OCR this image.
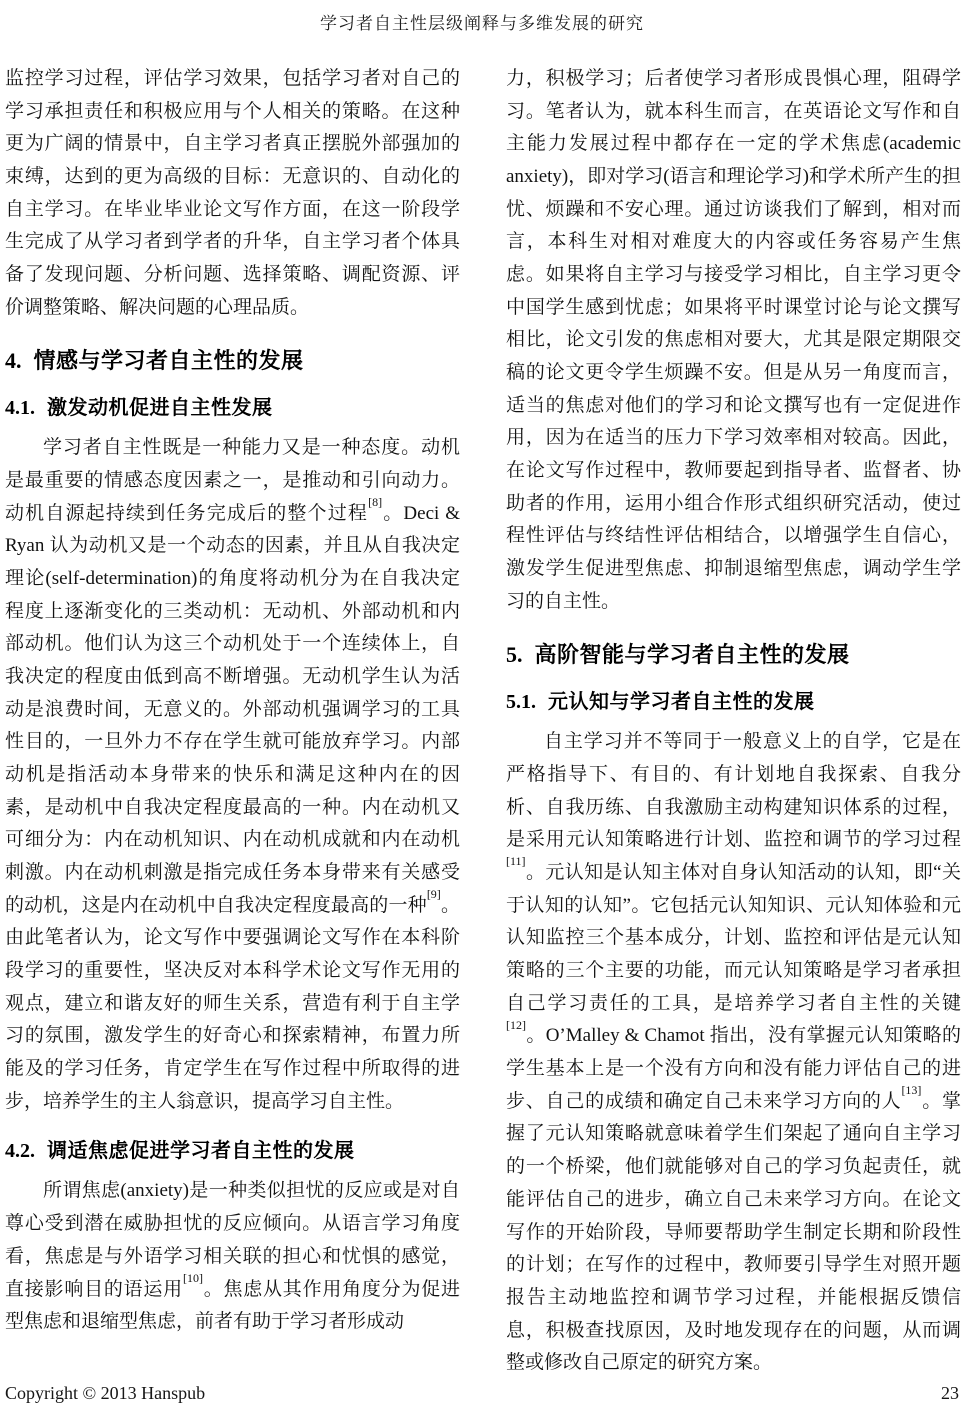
学习者自主性层级阐释与多维发展的研究

监控学习过程，评估学习效果，包括学习者对自己的学习承担责任和积极应用与个人相关的策略。在这种更为广阔的情景中，自主学习者真正摆脱外部强加的束缚，达到的更为高级的目标：无意识的、自动化的自主学习。在毕业毕业论文写作方面，在这一阶段学生完成了从学习者到学者的升华，自主学习者个体具备了发现问题、分析问题、选择策略、调配资源、评价调整策略、解决问题的心理品质。

4. 情感与学习者自主性的发展
4.1. 激发动机促进自主性发展

学习者自主性既是一种能力又是一种态度。动机是最重要的情感态度因素之一，是推动和引向动力。动机自源起持续到任务完成后的整个过程[8]。Deci & Ryan 认为动机又是一个动态的因素，并且从自我决定理论(self-determination)的角度将动机分为在自我决定程度上逐渐变化的三类动机：无动机、外部动机和内部动机。他们认为这三个动机处于一个连续体上，自我决定的程度由低到高不断增强。无动机学生认为活动是浪费时间，无意义的。外部动机强调学习的工具性目的，一旦外力不存在学生就可能放弃学习。内部动机是指活动本身带来的快乐和满足这种内在的因素，是动机中自我决定程度最高的一种。内在动机又可细分为：内在动机知识、内在动机成就和内在动机刺激。内在动机刺激是指完成任务本身带来有关感受的动机，这是内在动机中自我决定程度最高的一种[9]。由此笔者认为，论文写作中要强调论文写作在本科阶段学习的重要性，坚决反对本科学术论文写作无用的观点，建立和谐友好的师生关系，营造有利于自主学习的氛围，激发学生的好奇心和探索精神，布置力所能及的学习任务，肯定学生在写作过程中所取得的进步，培养学生的主人翁意识，提高学习自主性。

4.2. 调适焦虑促进学习者自主性的发展

所谓焦虑(anxiety)是一种类似担忧的反应或是对自尊心受到潜在威胁担忧的反应倾向。从语言学习角度看，焦虑是与外语学习相关联的担心和忧惧的感觉，直接影响目的语运用[10]。焦虑从其作用角度分为促进型焦虑和退缩型焦虑，前者有助于学习者形成动

力，积极学习；后者使学习者形成畏惧心理，阻碍学习。笔者认为，就本科生而言，在英语论文写作和自主能力发展过程中都存在一定的学术焦虑(academic anxiety)，即对学习(语言和理论学习)和学术所产生的担忧、烦躁和不安心理。通过访谈我们了解到，相对而言，本科生对相对难度大的内容或任务容易产生焦虑。如果将自主学习与接受学习相比，自主学习更令中国学生感到忧虑；如果将平时课堂讨论与论文撰写相比，论文引发的焦虑相对要大，尤其是限定期限交稿的论文更令学生烦躁不安。但是从另一角度而言，适当的焦虑对他们的学习和论文撰写也有一定促进作用，因为在适当的压力下学习效率相对较高。因此，在论文写作过程中，教师要起到指导者、监督者、协助者的作用，运用小组合作形式组织研究活动，使过程性评估与终结性评估相结合，以增强学生自信心，激发学生促进型焦虑、抑制退缩型焦虑，调动学生学习的自主性。

5. 高阶智能与学习者自主性的发展
5.1. 元认知与学习者自主性的发展

自主学习并不等同于一般意义上的自学，它是在严格指导下、有目的、有计划地自我探索、自我分析、自我历练、自我激励主动构建知识体系的过程，是采用元认知策略进行计划、监控和调节的学习过程[11]。元认知是认知主体对自身认知活动的认知，即“关于认知的认知”。它包括元认知知识、元认知体验和元认知监控三个基本成分，计划、监控和评估是元认知策略的三个主要的功能，而元认知策略是学习者承担自己学习责任的工具，是培养学习者自主性的关键[12]。O’Malley & Chamot 指出，没有掌握元认知策略的学生基本上是一个没有方向和没有能力评估自己的进步、自己的成绩和确定自己未来学习方向的人[13]。掌握了元认知策略就意味着学生们架起了通向自主学习的一个桥梁，他们就能够对自己的学习负起责任，就能评估自己的进步，确立自己未来学习方向。在论文写作的开始阶段，导师要帮助学生制定长期和阶段性的计划；在写作的过程中，教师要引导学生对照开题报告主动地监控和调节学习过程，并能根据反馈信息，积极查找原因，及时地发现存在的问题，从而调整或修改自己原定的研究方案。

Copyright © 2013 Hanspub	23
